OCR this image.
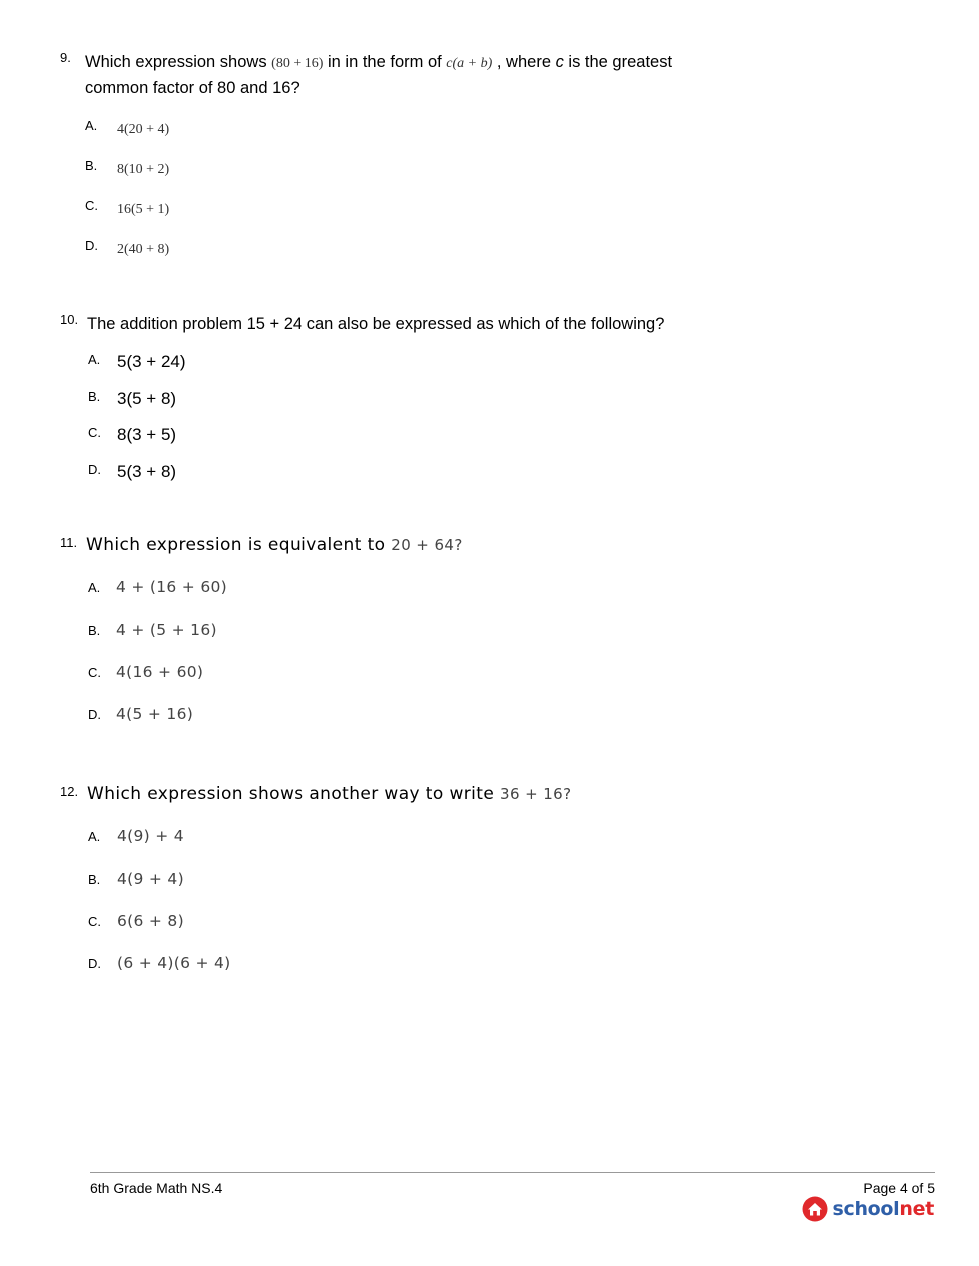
9. Which expression shows (80 + 16) in in the form of c(a + b) , where c is the greatest
common factor of 80 and 16?
A. 4(20 + 4)
B. 8(10 + 2)
C. 16(5 + 1)
D. 2(40 + 8)
10. The addition problem 15 + 24 can also be expressed as which of the following?
A. 5(3 + 24)
B. 3(5 + 8)
C. 8(3 + 5)
D. 5(3 + 8)
11. Which expression is equivalent to 20 + 64?
A. 4 + (16 + 60)
B. 4 + (5 + 16)
C. 4(16 + 60)
D. 4(5 + 16)
12. Which expression shows another way to write 36 + 16?
A. 4(9) + 4
B. 4(9 + 4)
C. 6(6 + 8)
D. (6 + 4)(6 + 4)
6th Grade Math NS.4	Page 4 of 5
schoolnet
